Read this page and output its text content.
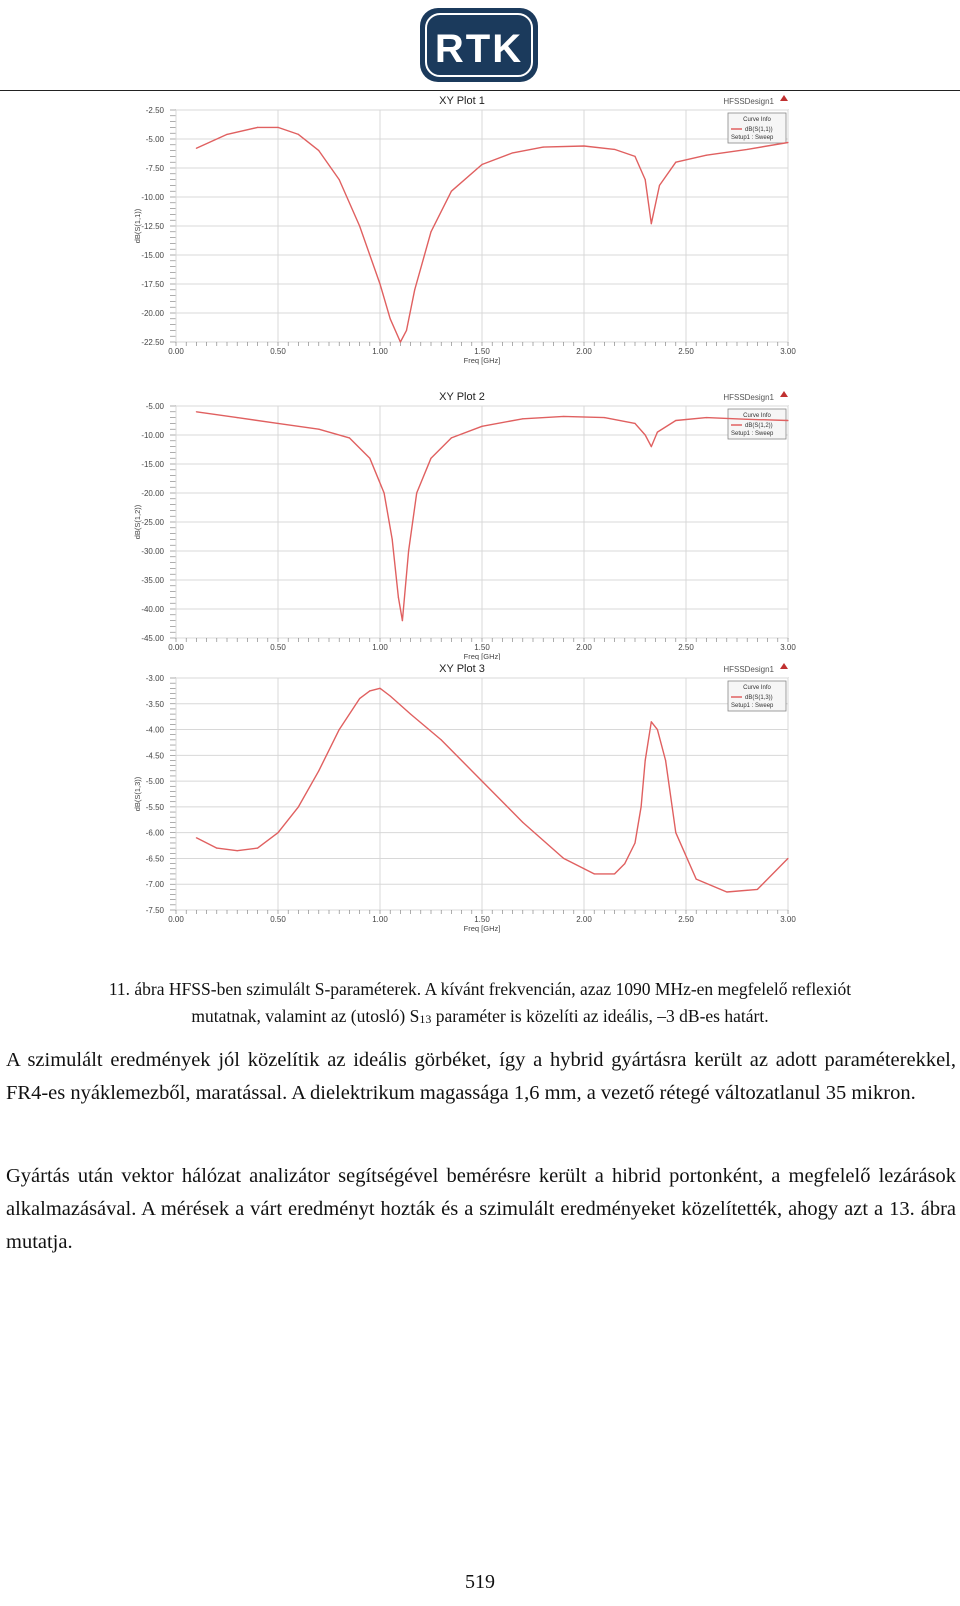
RTK
-2.50
-5.00
-7.50
-10.00
-12.50
-15.00
-17.50
-20.00
-22.50
0.00	0.50	1.00	1.50	2.00	2.50	3.00
XY Plot 1	HFSSDesign1
Freq [GHz]
dB(S(1,1))
Curve Info
dB(S(1,1))
Setup1 : Sweep
-5.00
-10.00
-15.00
-20.00
-25.00
-30.00
-35.00
-40.00
-45.00
0.00	0.50	1.00	1.50	2.00	2.50	3.00
XY Plot 2	HFSSDesign1
Freq [GHz]
dB(S(1,2))
Curve Info
dB(S(1,2))
Setup1 : Sweep
-3.00
-3.50
-4.00
-4.50
-5.00
-5.50
-6.00
-6.50
-7.00
-7.50
0.00	0.50	1.00	1.50	2.00	2.50	3.00
XY Plot 3	HFSSDesign1
Freq [GHz]
dB(S(1,3))
Curve Info
dB(S(1,3))
Setup1 : Sweep
11. ábra HFSS-ben szimulált S-paraméterek. A kívánt frekvencián, azaz 1090 MHz-en megfelelő reflexiót
mutatnak, valamint az (utosló) $S_{13}$ paraméter is közelíti az ideális, –3 dB-es határt.
A szimulált eredmények jól közelítik az ideális görbéket, így a hybrid gyártásra került az adott paraméterekkel, FR4-es nyáklemezből, maratással. A dielektrikum magassága 1,6 mm, a vezető rétegé változatlanul 35 mikron.
Gyártás után vektor hálózat analizátor segítségével bemérésre került a hibrid portonként, a megfelelő lezárások alkalmazásával. A mérések a várt eredményt hozták és a szimulált eredményeket közelítették, ahogy azt a 13. ábra mutatja.
519
